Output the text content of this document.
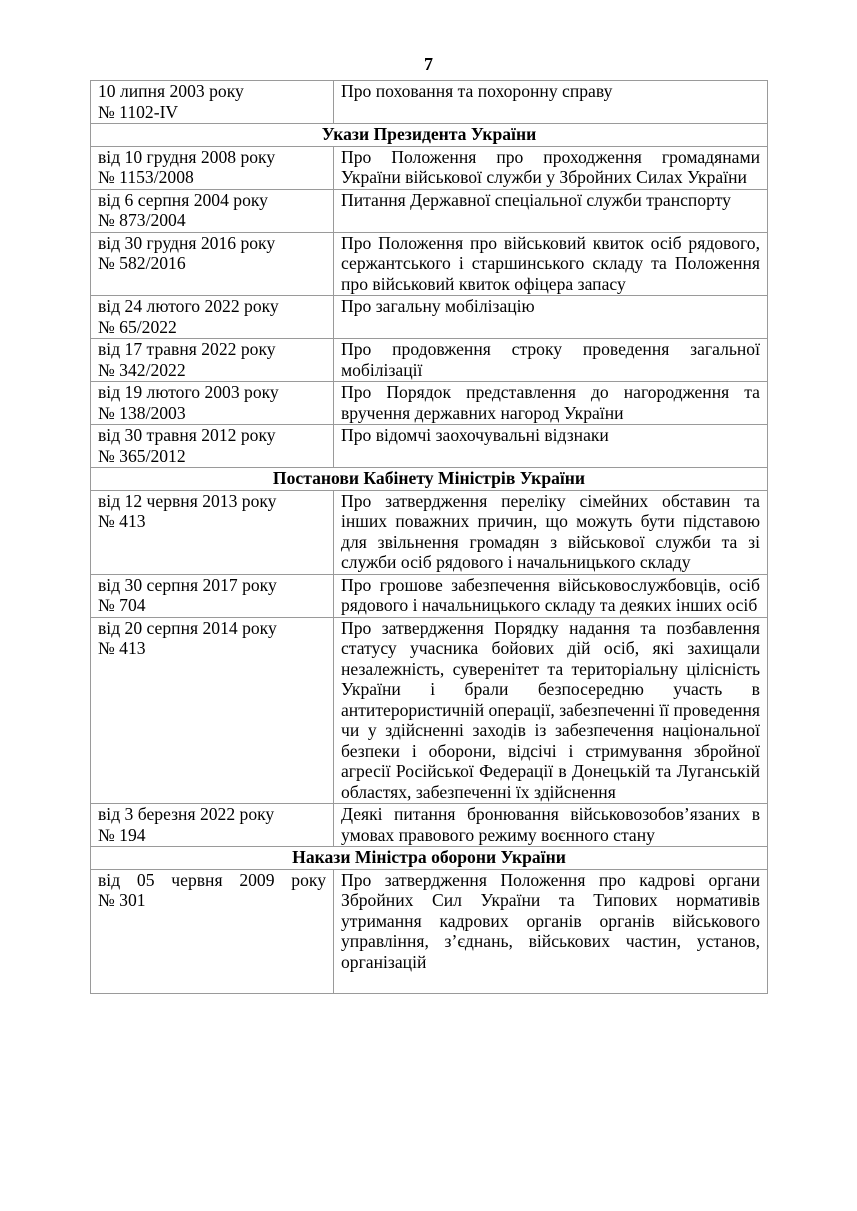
7
10 липня 2003 року
№ 1102-IV	Про поховання та похоронну справу
Укази Президента України	

від 10 грудня 2008 року
№ 1153/2008	Про Положення про проходження громадянами України військової служби у Збройних Силах України

від 6 серпня 2004 року
№ 873/2004	Питання Державної спеціальної служби транспорту

від 30 грудня 2016 року
№ 582/2016	Про Положення про військовий квиток осіб рядового, сержантського і старшинського складу та Положення про військовий квиток офіцера запасу

від 24 лютого 2022 року
№ 65/2022	Про загальну мобілізацію

від 17 травня 2022 року
№ 342/2022	Про продовження строку проведення загальної мобілізації

від 19 лютого 2003 року
№ 138/2003	Про Порядок представлення до нагородження та вручення державних нагород України

від 30 травня 2012 року
№ 365/2012	Про відомчі заохочувальні відзнаки
Постанови Кабінету Міністрів України	

від 12 червня 2013 року
№ 413	Про затвердження переліку сімейних обставин та інших поважних причин, що можуть бути підставою для звільнення громадян з військової служби та зі служби осіб рядового і начальницького складу

від 30 серпня 2017 року
№ 704	Про грошове забезпечення військовослужбовців, осіб рядового і начальницького складу та деяких інших осіб

від 20 серпня 2014 року
№ 413	Про затвердження Порядку надання та позбавлення статусу учасника бойових дій осіб, які захищали незалежність, суверенітет та територіальну цілісність України і брали безпосередню участь в антитерористичній операції, забезпеченні її проведення чи у здійсненні заходів із забезпечення національної безпеки і оборони, відсічі і стримування збройної агресії Російської Федерації в Донецькій та Луганській областях, забезпеченні їх здійснення

від 3 березня 2022 року
№ 194	Деякі питання бронювання військовозобов’язаних в умовах правового режиму воєнного стану
Накази Міністра оборони України	

від 05 червня 2009 року
№ 301	Про затвердження Положення про кадрові органи Збройних Сил України та Типових нормативів утримання кадрових органів органів військового управління, з’єднань, військових частин, установ, організацій
